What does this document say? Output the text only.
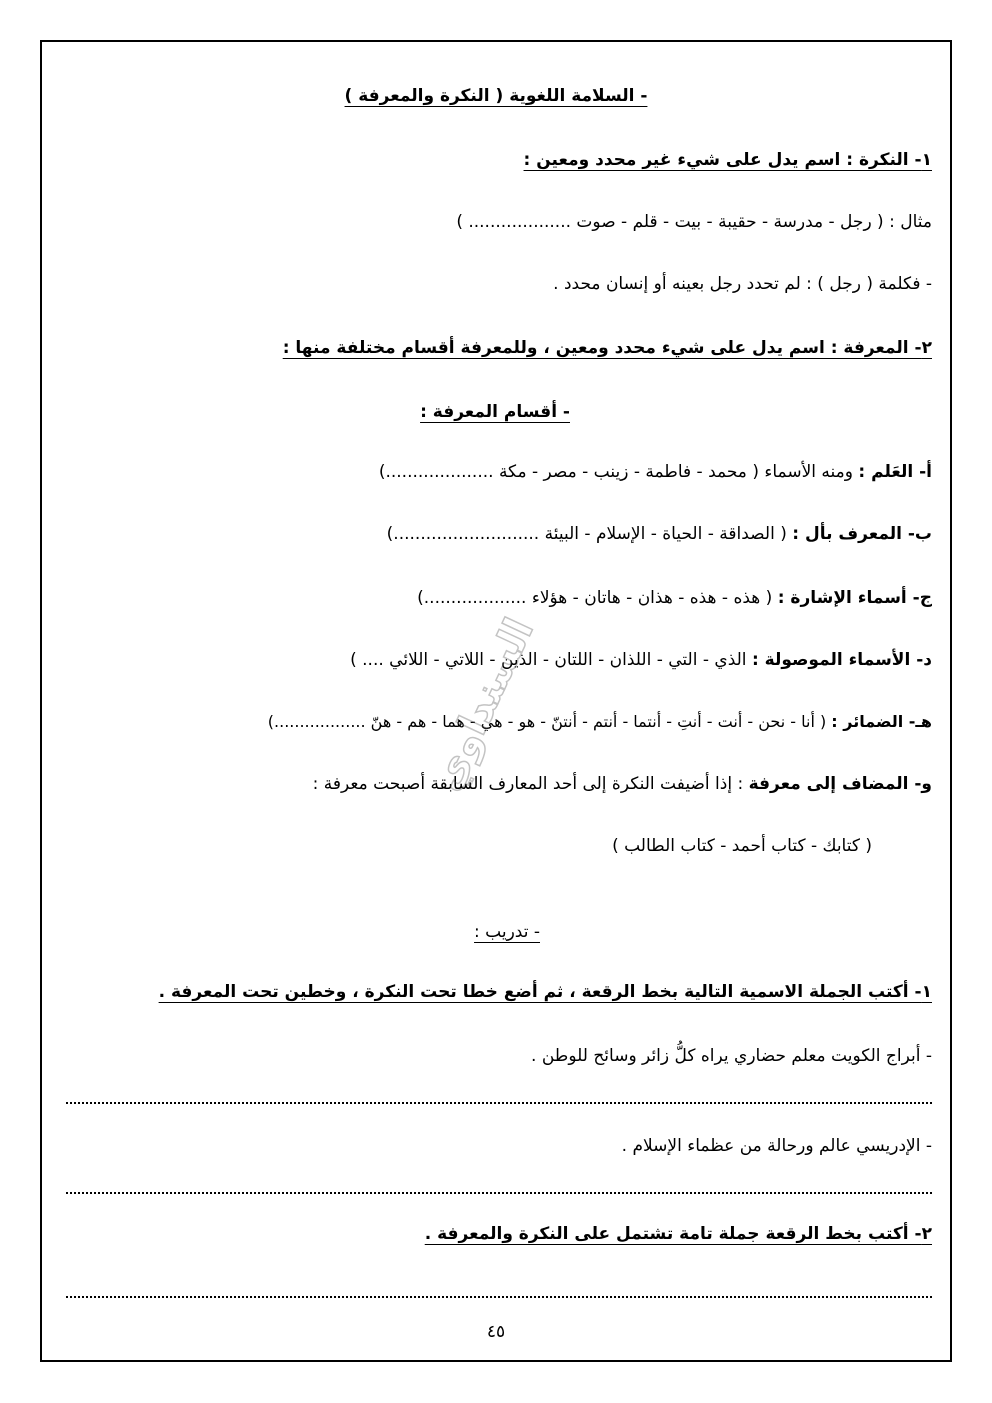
- السلامة اللغوية ( النكرة والمعرفة )
١- النكرة : اسم يدل على شيء غير محدد ومعين :
مثال : ( رجل - مدرسة - حقيبة - بيت - قلم - صوت ................... )
- فكلمة ( رجل ) : لم تحدد رجل بعينه أو إنسان محدد .
٢- المعرفة : اسم يدل على شيء محدد ومعين ، وللمعرفة أقسام مختلفة منها :
- أقسام المعرفة :
أ- العَلم : ومنه الأسماء ( محمد - فاطمة - زينب - مصر - مكة ....................)
ب- المعرف بأل : ( الصداقة - الحياة - الإسلام - البيئة ...........................)
ج- أسماء الإشارة : ( هذه - هذه - هذان - هاتان - هؤلاء ...................)
د- الأسماء الموصولة : الذي - التي - اللذان - اللتان - الذين - اللاتي - اللائي .... )
هـ- الضمائر : ( أنا - نحن - أنت - أنتِ - أنتما - أنتم - أنتنّ - هو - هي - هما - هم - هنّ ..................)
و- المضاف إلى معرفة : إذا أضيفت النكرة إلى أحد المعارف السابقة أصبحت معرفة :
( كتابك - كتاب أحمد - كتاب الطالب )
- تدريب :
١- أكتب الجملة الاسمية التالية بخط الرقعة ، ثم أضع خطا تحت النكرة ، وخطين تحت المعرفة .
- أبراج الكويت معلم حضاري يراه كلُّ زائر وسائح للوطن .
- الإدريسي عالم ورحالة من عظماء الإسلام .
٢- أكتب بخط الرقعة جملة تامة تشتمل على النكرة والمعرفة .
٤٥
السنداوي
